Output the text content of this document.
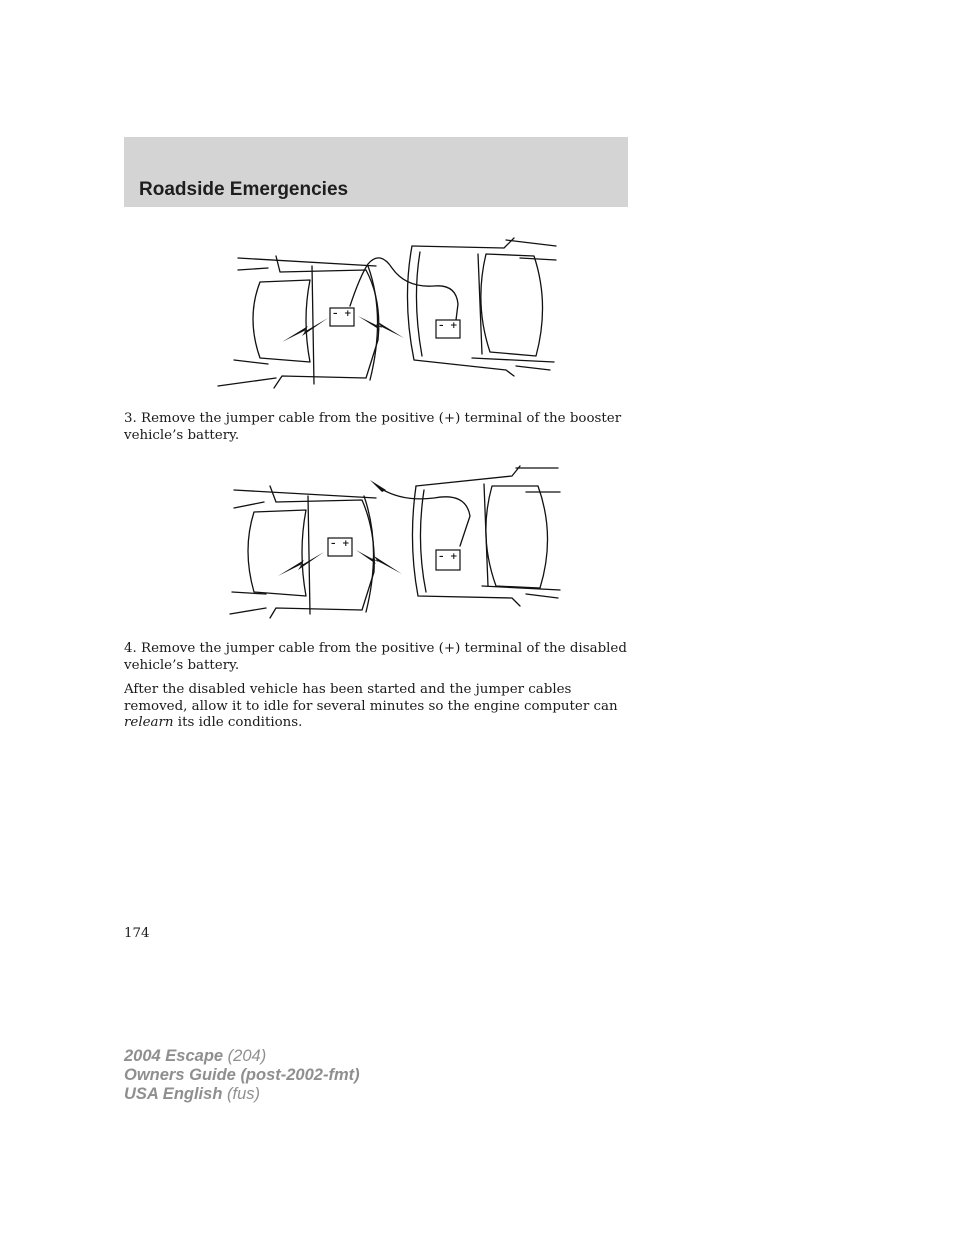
Roadside Emergencies
– +
– +

3. Remove the jumper cable from the positive (+) terminal of the booster vehicle’s battery.

– +
– +

4. Remove the jumper cable from the positive (+) terminal of the disabled vehicle’s battery.

After the disabled vehicle has been started and the jumper cables removed, allow it to idle for several minutes so the engine computer can relearn its idle conditions.

174

2004 Escape (204)
Owners Guide (post-2002-fmt)
USA English (fus)
